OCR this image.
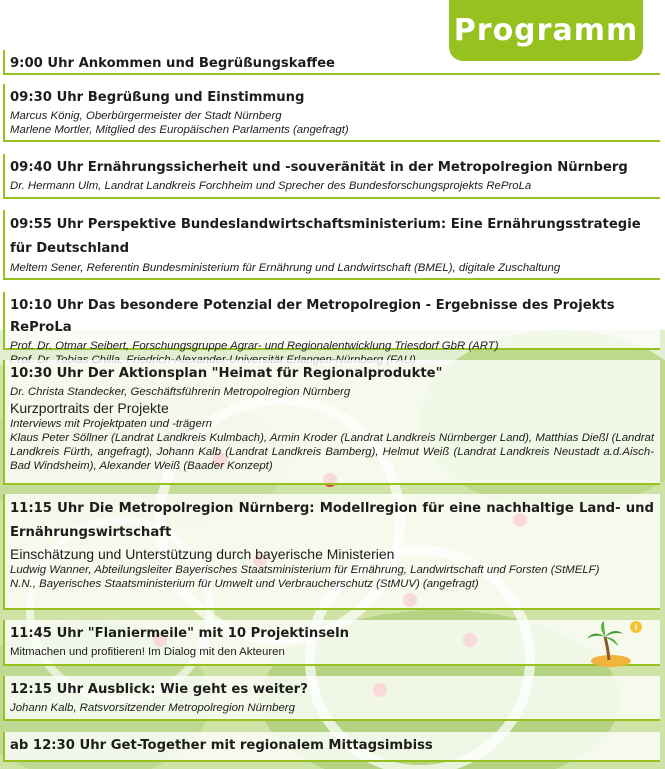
Programm

9:00 Uhr Ankommen und Begrüßungskaffee

09:30 Uhr Begrüßung und Einstimmung

Marcus König, Oberbürgermeister der Stadt Nürnberg

Marlene Mortler, Mitglied des Europäischen Parlaments (angefragt)

09:40 Uhr Ernährungssicherheit und -souveränität in der Metropolregion Nürnberg

Dr. Hermann Ulm, Landrat Landkreis Forchheim und Sprecher des Bundesforschungsprojekts ReProLa

09:55 Uhr Perspektive Bundeslandwirtschaftsministerium: Eine Ernährungsstrategie für Deutschland

Meltem Sener, Referentin Bundesministerium für Ernährung und Landwirtschaft (BMEL), digitale Zuschaltung

10:10 Uhr Das besondere Potenzial der Metropolregion - Ergebnisse des Projekts ReProLa

Prof. Dr. Otmar Seibert, Forschungsgruppe Agrar- und Regionalentwicklung Triesdorf GbR (ART)

10:30 Uhr Der Aktionsplan "Heimat für Regionalprodukte"

Dr. Christa Standecker, Geschäftsführerin Metropolregion Nürnberg

Kurzportraits der Projekte

Interviews mit Projektpaten und -trägern

Klaus Peter Söllner (Landrat Landkreis Kulmbach), Armin Kroder (Landrat Landkreis Nürnberger Land), Matthias Dießl (Landrat Landkreis Fürth, angefragt), Johann Kalb (Landrat Landkreis Bamberg), Helmut Weiß (Landrat Landkreis Neustadt a.d.Aisch-Bad Windsheim), Alexander Weiß (Baader Konzept)

11:15 Uhr Die Metropolregion Nürnberg: Modellregion für eine nachhaltige Land- und Ernährungswirtschaft

Einschätzung und Unterstützung durch bayerische Ministerien

Ludwig Wanner, Abteilungsleiter Bayerisches Staatsministerium für Ernährung, Landwirtschaft und Forsten (StMELF)

N.N., Bayerisches Staatsministerium für Umwelt und Verbraucherschutz (StMUV) (angefragt)

11:45 Uhr "Flaniermeile" mit 10 Projektinseln

Mitmachen und profitieren! Im Dialog mit den Akteuren

12:15 Uhr Ausblick: Wie geht es weiter?

Johann Kalb, Ratsvorsitzender Metropolregion Nürnberg

ab 12:30 Uhr Get-Together mit regionalem Mittagsimbiss

i
